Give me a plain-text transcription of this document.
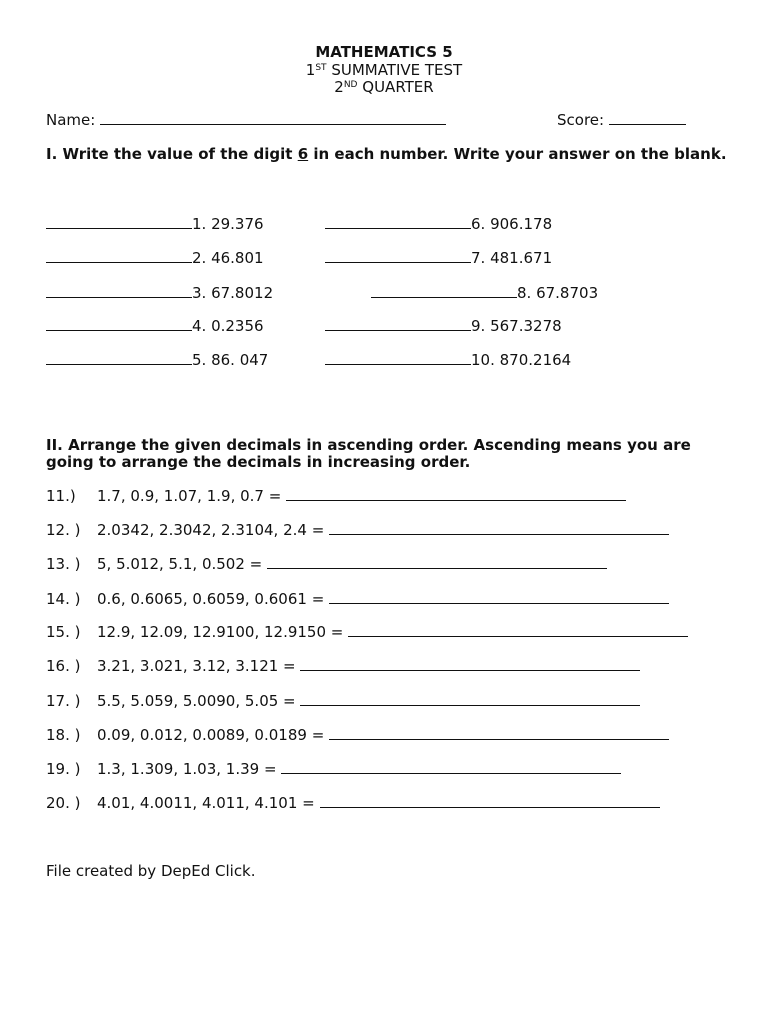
MATHEMATICS 5
1ST SUMMATIVE TEST
2ND QUARTER
Name:	Score:
I. Write the value of the digit 6 in each number. Write your answer on the blank.
1. 29.376
2. 46.801
3. 67.8012
4. 0.2356
5. 86. 047
6. 906.178
7. 481.671
8. 67.8703
9. 567.3278
10. 870.2164
II. Arrange the given decimals in ascending order. Ascending means you are going to arrange the decimals in increasing order.
11.) 1.7, 0.9, 1.07, 1.9, 0.7 =
12. ) 2.0342, 2.3042, 2.3104, 2.4 =
13. ) 5, 5.012, 5.1, 0.502 =
14. ) 0.6, 0.6065, 0.6059, 0.6061 =
15. ) 12.9, 12.09, 12.9100, 12.9150 =
16. ) 3.21, 3.021, 3.12, 3.121 =
17. ) 5.5, 5.059, 5.0090, 5.05 =
18. ) 0.09, 0.012, 0.0089, 0.0189 =
19. ) 1.3, 1.309, 1.03, 1.39 =
20. ) 4.01, 4.0011, 4.011, 4.101 =
File created by DepEd Click.
